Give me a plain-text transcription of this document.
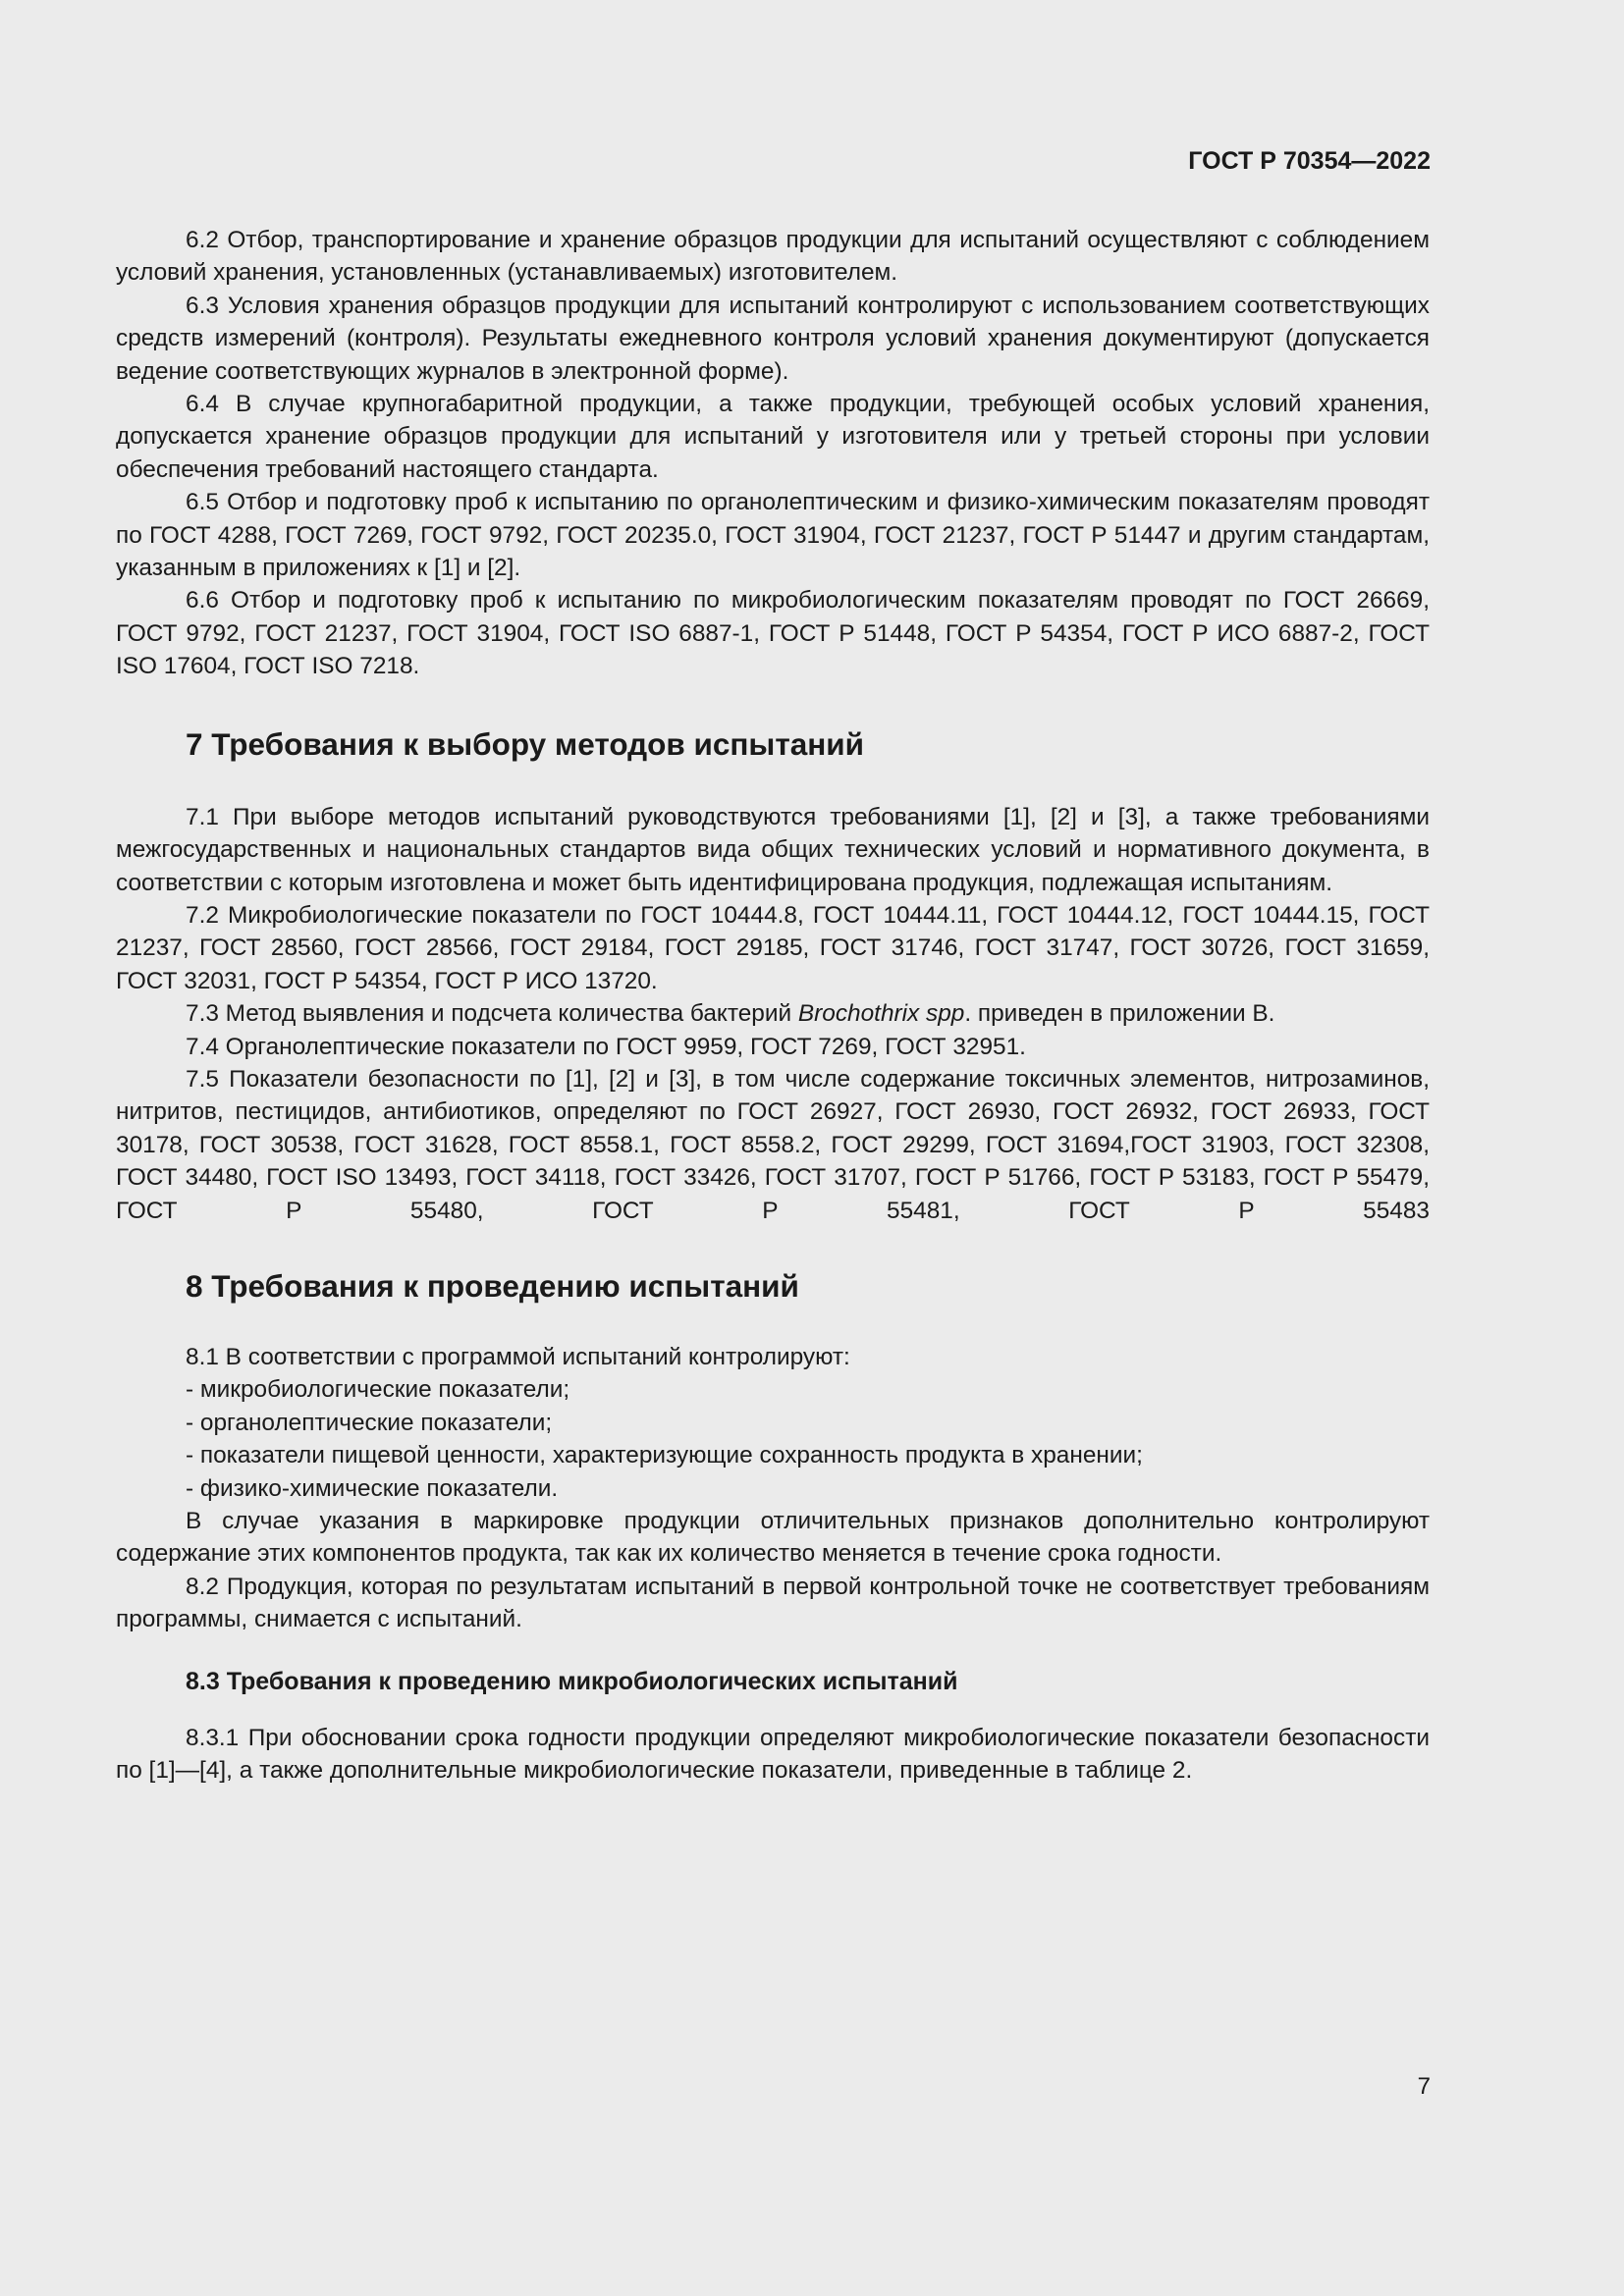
ГОСТ Р 70354—2022

6.2 Отбор, транспортирование и хранение образцов продукции для испытаний осуществляют с соблюдением условий хранения, установленных (устанавливаемых) изготовителем.

6.3 Условия хранения образцов продукции для испытаний контролируют с использованием соответствующих средств измерений (контроля). Результаты ежедневного контроля условий хранения документируют (допускается ведение соответствующих журналов в электронной форме).

6.4 В случае крупногабаритной продукции, а также продукции, требующей особых условий хранения, допускается хранение образцов продукции для испытаний у изготовителя или у третьей стороны при условии обеспечения требований настоящего стандарта.

6.5 Отбор и подготовку проб к испытанию по органолептическим и физико-химическим показателям проводят по ГОСТ 4288, ГОСТ 7269, ГОСТ 9792, ГОСТ 20235.0, ГОСТ 31904, ГОСТ 21237, ГОСТ Р 51447 и другим стандартам, указанным в приложениях к [1] и [2].

6.6 Отбор и подготовку проб к испытанию по микробиологическим показателям проводят по ГОСТ 26669, ГОСТ 9792, ГОСТ 21237, ГОСТ 31904, ГОСТ ISO 6887-1, ГОСТ Р 51448, ГОСТ Р 54354, ГОСТ Р ИСО 6887-2, ГОСТ ISO 17604, ГОСТ ISO 7218.

7 Требования к выбору методов испытаний

7.1 При выборе методов испытаний руководствуются требованиями [1], [2] и [3], а также требованиями межгосударственных и национальных стандартов вида общих технических условий и нормативного документа, в соответствии с которым изготовлена и может быть идентифицирована продукция, подлежащая испытаниям.

7.2 Микробиологические показатели по ГОСТ 10444.8, ГОСТ 10444.11, ГОСТ 10444.12, ГОСТ 10444.15, ГОСТ 21237, ГОСТ 28560, ГОСТ 28566, ГОСТ 29184, ГОСТ 29185, ГОСТ 31746, ГОСТ 31747, ГОСТ 30726, ГОСТ 31659, ГОСТ 32031, ГОСТ Р 54354, ГОСТ Р ИСО 13720.

7.3 Метод выявления и подсчета количества бактерий Brochothrix spp. приведен в приложении В.

7.4 Органолептические показатели по ГОСТ 9959, ГОСТ 7269, ГОСТ 32951.

7.5 Показатели безопасности по [1], [2] и [3], в том числе содержание токсичных элементов, нитрозаминов, нитритов, пестицидов, антибиотиков, определяют по ГОСТ 26927, ГОСТ 26930, ГОСТ 26932, ГОСТ 26933, ГОСТ 30178, ГОСТ 30538, ГОСТ 31628, ГОСТ 8558.1, ГОСТ 8558.2, ГОСТ 29299, ГОСТ 31694,ГОСТ 31903, ГОСТ 32308, ГОСТ 34480, ГОСТ ISO 13493, ГОСТ 34118, ГОСТ 33426, ГОСТ 31707, ГОСТ Р 51766, ГОСТ Р 53183, ГОСТ Р 55479, ГОСТ Р 55480, ГОСТ Р 55481, ГОСТ Р 55483

8 Требования к проведению испытаний

8.1 В соответствии с программой испытаний контролируют:

- микробиологические показатели;

- органолептические показатели;

- показатели пищевой ценности, характеризующие сохранность продукта в хранении;

- физико-химические показатели.

В случае указания в маркировке продукции отличительных признаков дополнительно контролируют содержание этих компонентов продукта, так как их количество меняется в течение срока годности.

8.2 Продукция, которая по результатам испытаний в первой контрольной точке не соответствует требованиям программы, снимается с испытаний.

8.3 Требования к проведению микробиологических испытаний

8.3.1 При обосновании срока годности продукции определяют микробиологические показатели безопасности по [1]—[4], а также дополнительные микробиологические показатели, приведенные в таблице 2.

7
